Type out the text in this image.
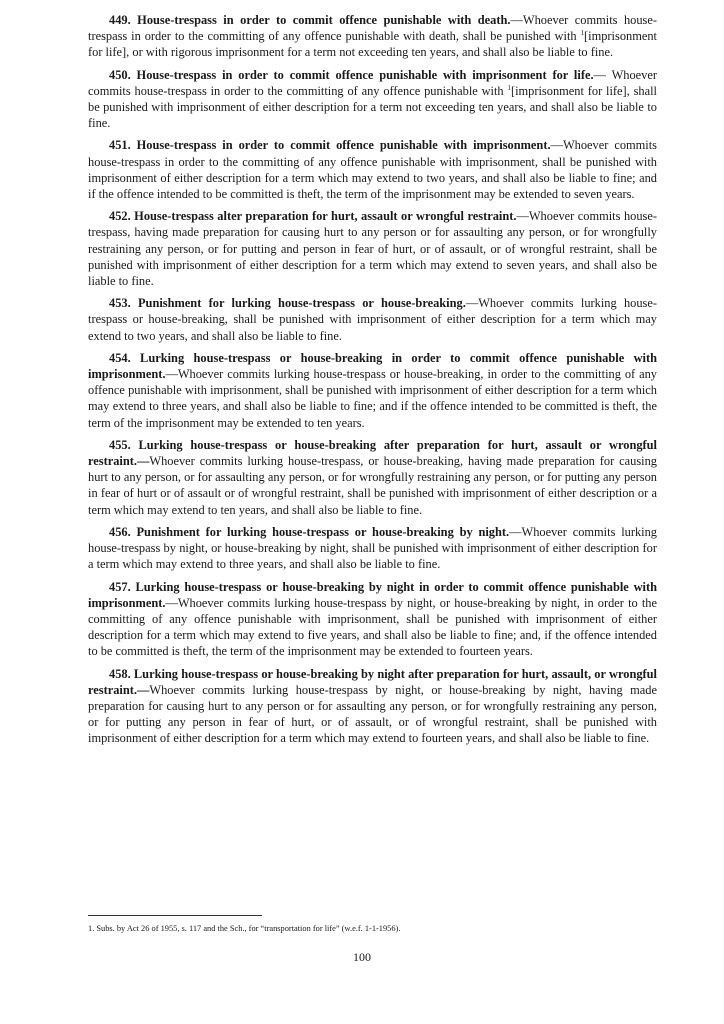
449. House-trespass in order to commit offence punishable with death.—Whoever commits house-trespass in order to the committing of any offence punishable with death, shall be punished with $^1$[imprisonment for life], or with rigorous imprisonment for a term not exceeding ten years, and shall also be liable to fine.

450. House-trespass in order to commit offence punishable with imprisonment for life.— Whoever commits house-trespass in order to the committing of any offence punishable with $^1$[imprisonment for life], shall be punished with imprisonment of either description for a term not exceeding ten years, and shall also be liable to fine.

451. House-trespass in order to commit offence punishable with imprisonment.—Whoever commits house-trespass in order to the committing of any offence punishable with imprisonment, shall be punished with imprisonment of either description for a term which may extend to two years, and shall also be liable to fine; and if the offence intended to be committed is theft, the term of the imprisonment may be extended to seven years.

452. House-trespass alter preparation for hurt, assault or wrongful restraint.—Whoever commits house-trespass, having made preparation for causing hurt to any person or for assaulting any person, or for wrongfully restraining any person, or for putting and person in fear of hurt, or of assault, or of wrongful restraint, shall be punished with imprisonment of either description for a term which may extend to seven years, and shall also be liable to fine.

453. Punishment for lurking house-trespass or house-breaking.—Whoever commits lurking house-trespass or house-breaking, shall be punished with imprisonment of either description for a term which may extend to two years, and shall also be liable to fine.

454. Lurking house-trespass or house-breaking in order to commit offence punishable with imprisonment.—Whoever commits lurking house-trespass or house-breaking, in order to the committing of any offence punishable with imprisonment, shall be punished with imprisonment of either description for a term which may extend to three years, and shall also be liable to fine; and if the offence intended to be committed is theft, the term of the imprisonment may be extended to ten years.

455. Lurking house-trespass or house-breaking after preparation for hurt, assault or wrongful restraint.—Whoever commits lurking house-trespass, or house-breaking, having made preparation for causing hurt to any person, or for assaulting any person, or for wrongfully restraining any person, or for putting any person in fear of hurt or of assault or of wrongful restraint, shall be punished with imprisonment of either description or a term which may extend to ten years, and shall also be liable to fine.

456. Punishment for lurking house-trespass or house-breaking by night.—Whoever commits lurking house-trespass by night, or house-breaking by night, shall be punished with imprisonment of either description for a term which may extend to three years, and shall also be liable to fine.

457. Lurking house-trespass or house-breaking by night in order to commit offence punishable with imprisonment.—Whoever commits lurking house-trespass by night, or house-breaking by night, in order to the committing of any offence punishable with imprisonment, shall be punished with imprisonment of either description for a term which may extend to five years, and shall also be liable to fine; and, if the offence intended to be committed is theft, the term of the imprisonment may be extended to fourteen years.

458. Lurking house-trespass or house-breaking by night after preparation for hurt, assault, or wrongful restraint.—Whoever commits lurking house-trespass by night, or house-breaking by night, having made preparation for causing hurt to any person or for assaulting any person, or for wrongfully restraining any person, or for putting any person in fear of hurt, or of assault, or of wrongful restraint, shall be punished with imprisonment of either description for a term which may extend to fourteen years, and shall also be liable to fine.

1. Subs. by Act 26 of 1955, s. 117 and the Sch., for “transportation for life” (w.e.f. 1-1-1956).
100
